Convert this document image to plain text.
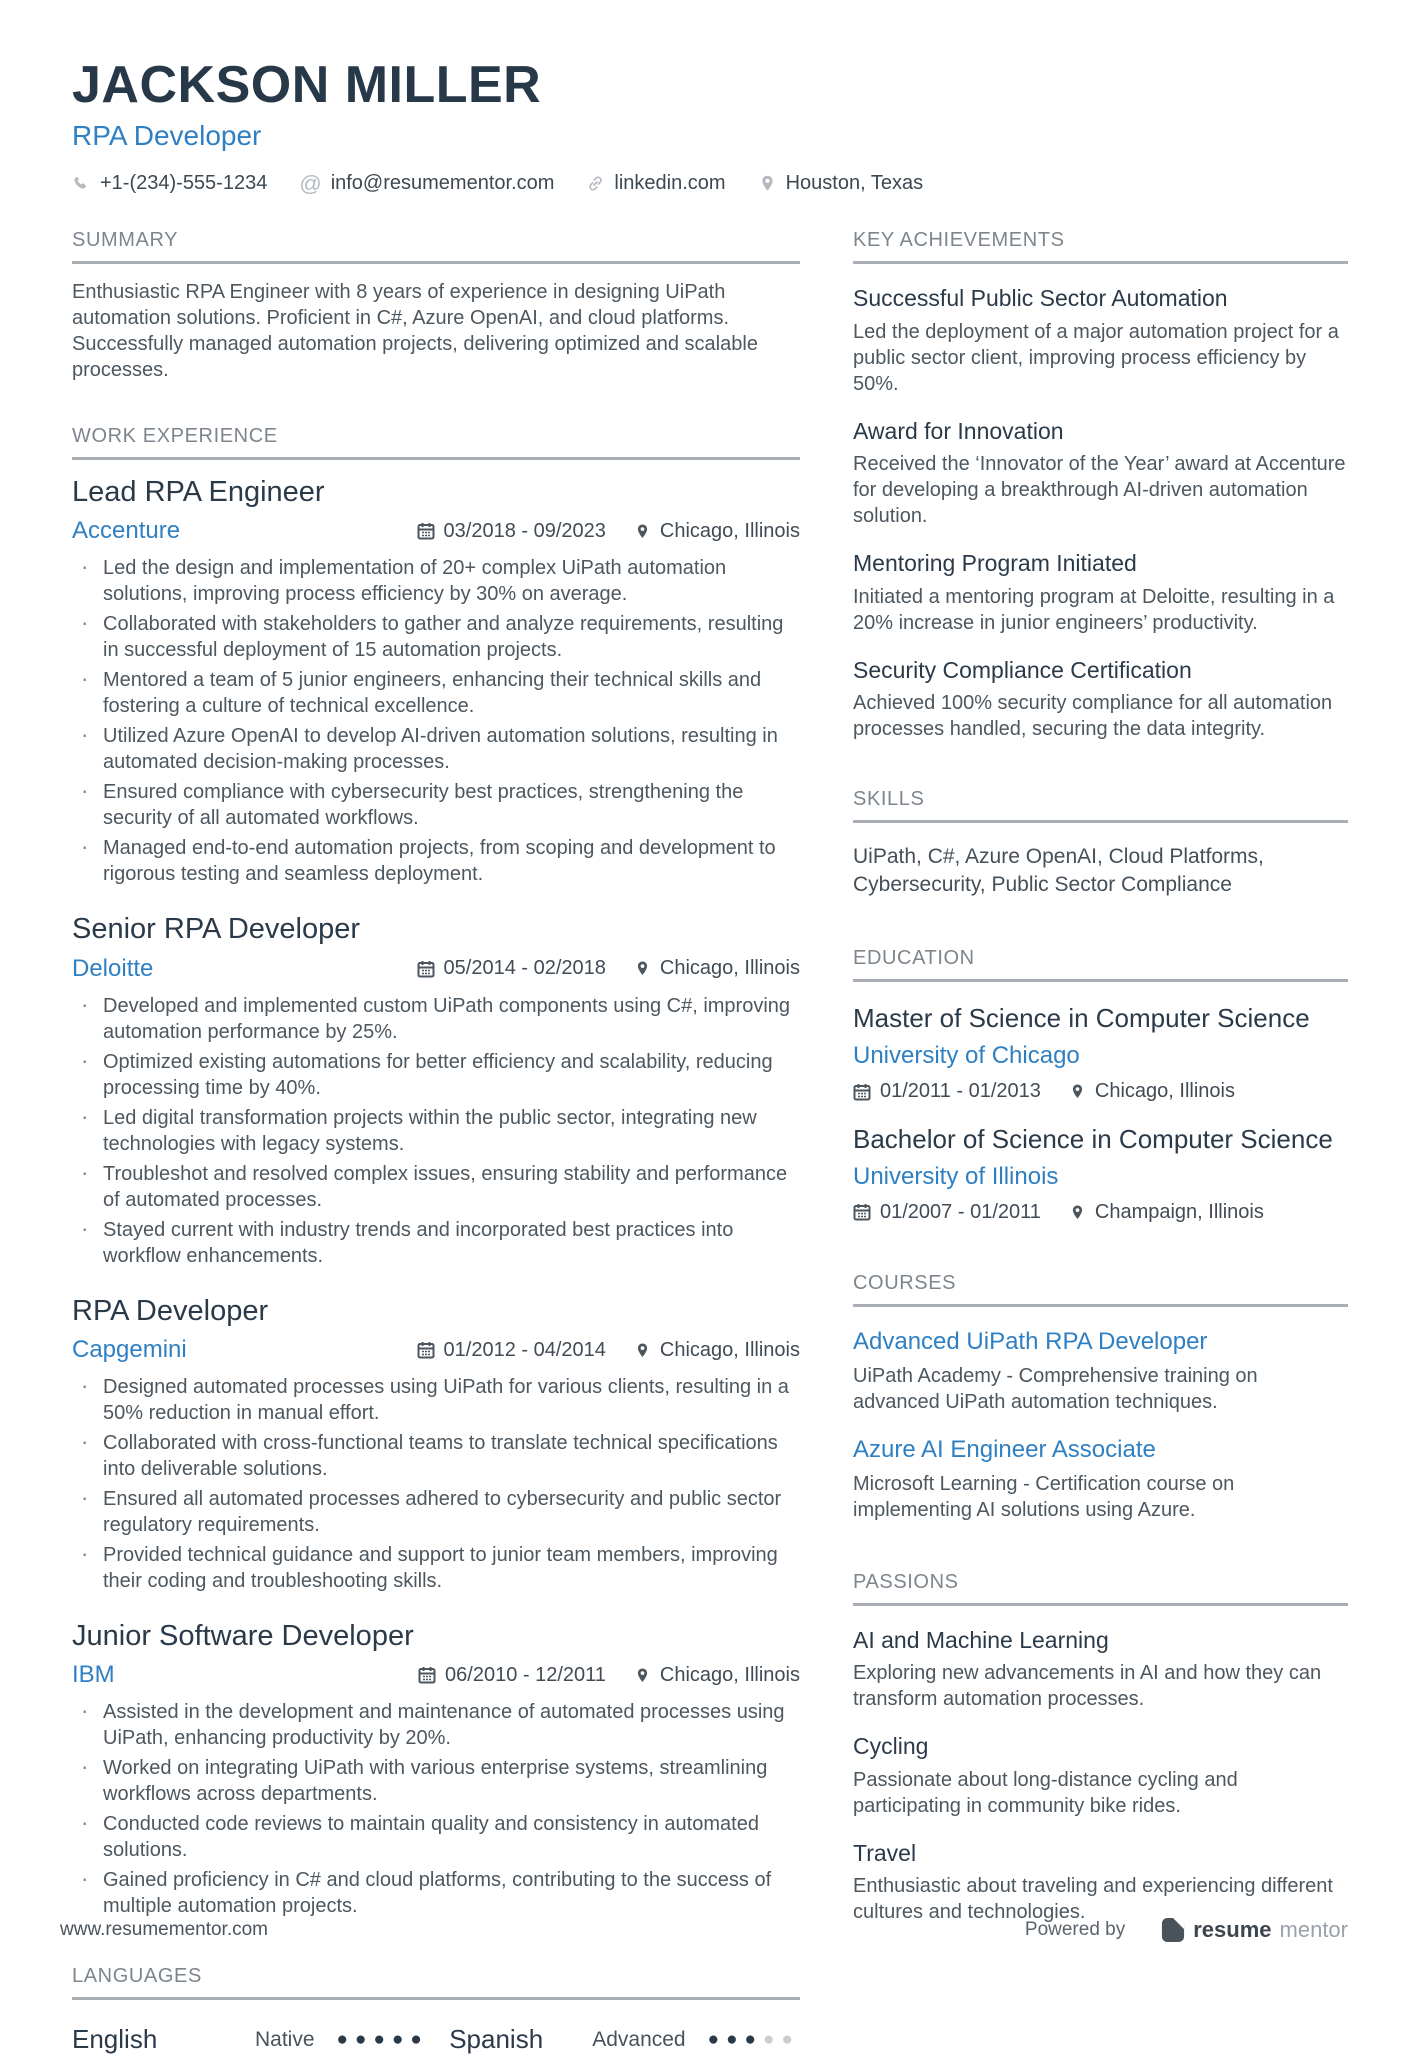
JACKSON MILLER
RPA Developer
+1-(234)-555-1234 @ info@resumementor.com	linkedin.com	Houston, Texas
SUMMARY

Enthusiastic RPA Engineer with 8 years of experience in designing UiPath automation solutions. Proficient in C#, Azure OpenAI, and cloud platforms. Successfully managed automation projects, delivering optimized and scalable processes.

WORK EXPERIENCE
Lead RPA Engineer
Accenture	03/2018 - 09/2023	Chicago, Illinois
· Led the design and implementation of 20+ complex UiPath automation solutions, improving process efficiency by 30% on average.
· Collaborated with stakeholders to gather and analyze requirements, resulting in successful deployment of 15 automation projects.
· Mentored a team of 5 junior engineers, enhancing their technical skills and fostering a culture of technical excellence.
· Utilized Azure OpenAI to develop AI-driven automation solutions, resulting in automated decision-making processes.
· Ensured compliance with cybersecurity best practices, strengthening the security of all automated workflows.
· Managed end-to-end automation projects, from scoping and development to rigorous testing and seamless deployment.
Senior RPA Developer
Deloitte	05/2014 - 02/2018	Chicago, Illinois
· Developed and implemented custom UiPath components using C#, improving automation performance by 25%.
· Optimized existing automations for better efficiency and scalability, reducing processing time by 40%.
· Led digital transformation projects within the public sector, integrating new technologies with legacy systems.
· Troubleshot and resolved complex issues, ensuring stability and performance of automated processes.
· Stayed current with industry trends and incorporated best practices into workflow enhancements.
RPA Developer
Capgemini	01/2012 - 04/2014	Chicago, Illinois
· Designed automated processes using UiPath for various clients, resulting in a 50% reduction in manual effort.
· Collaborated with cross-functional teams to translate technical specifications into deliverable solutions.
· Ensured all automated processes adhered to cybersecurity and public sector regulatory requirements.
· Provided technical guidance and support to junior team members, improving their coding and troubleshooting skills.
Junior Software Developer
IBM	06/2010 - 12/2011	Chicago, Illinois
· Assisted in the development and maintenance of automated processes using UiPath, enhancing productivity by 20%.
· Worked on integrating UiPath with various enterprise systems, streamlining workflows across departments.
· Conducted code reviews to maintain quality and consistency in automated solutions.
· Gained proficiency in C# and cloud platforms, contributing to the success of multiple automation projects.
LANGUAGES
English	Native ●●●●● Spanish	Advanced ●●●●●
KEY ACHIEVEMENTS
Successful Public Sector Automation
Led the deployment of a major automation project for a public sector client, improving process efficiency by 50%.
Award for Innovation
Received the ‘Innovator of the Year’ award at Accenture for developing a breakthrough AI-driven automation solution.
Mentoring Program Initiated
Initiated a mentoring program at Deloitte, resulting in a 20% increase in junior engineers’ productivity.
Security Compliance Certification
Achieved 100% security compliance for all automation processes handled, securing the data integrity.
SKILLS
UiPath, C#, Azure OpenAI, Cloud Platforms, Cybersecurity, Public Sector Compliance
EDUCATION
Master of Science in Computer Science
University of Chicago
01/2011 - 01/2013	Chicago, Illinois
Bachelor of Science in Computer Science
University of Illinois
01/2007 - 01/2011	Champaign, Illinois
COURSES
Advanced UiPath RPA Developer
UiPath Academy - Comprehensive training on advanced UiPath automation techniques.
Azure AI Engineer Associate
Microsoft Learning - Certification course on implementing AI solutions using Azure.
PASSIONS
AI and Machine Learning
Exploring new advancements in AI and how they can transform automation processes.
Cycling
Passionate about long-distance cycling and participating in community bike rides.
Travel
Enthusiastic about traveling and experiencing different cultures and technologies.
www.resumementor.com	Powered by	resume mentor
